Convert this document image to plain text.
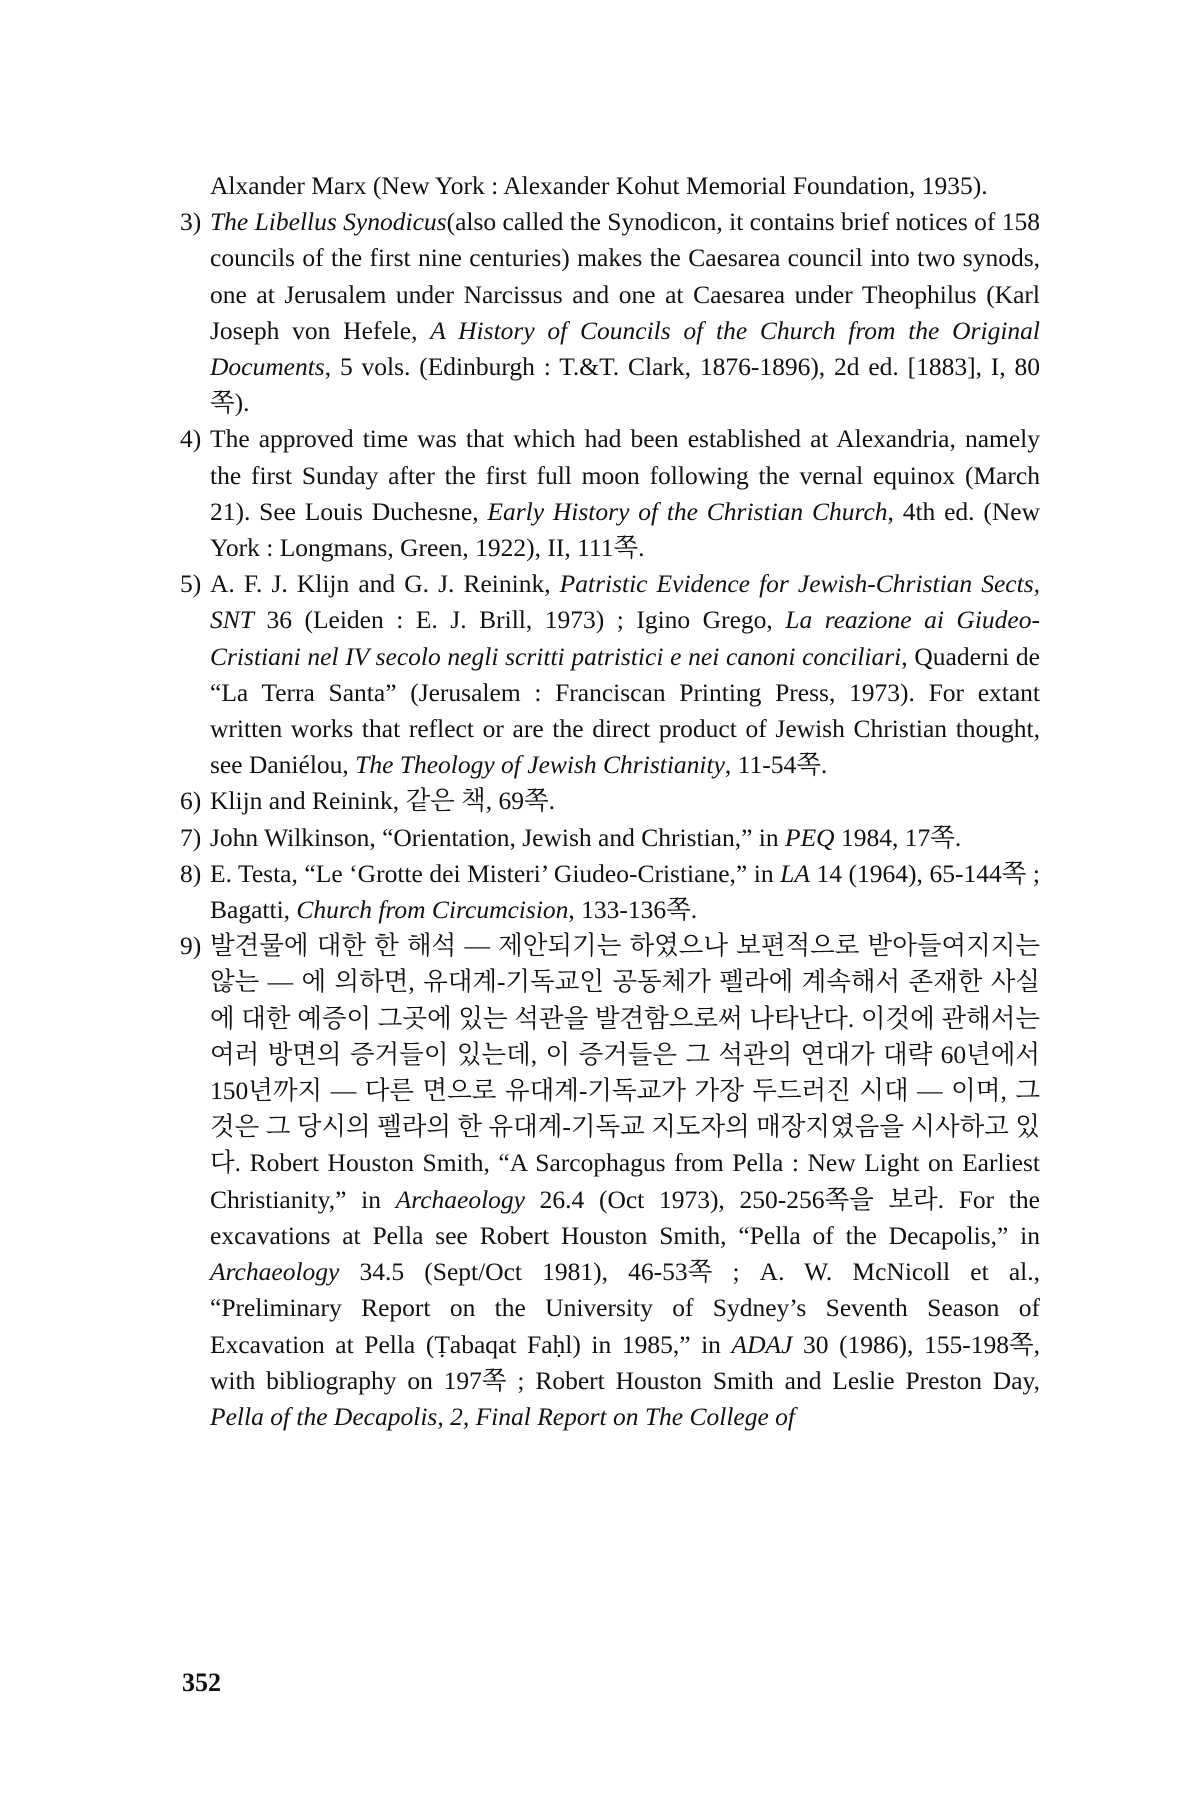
Alxander Marx (New York : Alexander Kohut Memorial Foundation, 1935).
3) The Libellus Synodicus(also called the Synodicon, it contains brief notices of 158 councils of the first nine centuries) makes the Caesarea council into two synods, one at Jerusalem under Narcissus and one at Caesarea under Theophilus (Karl Joseph von Hefele, A History of Councils of the Church from the Original Documents, 5 vols. (Edinburgh : T.&T. Clark, 1876-1896), 2d ed. [1883], I, 80쪽).
4) The approved time was that which had been established at Alexandria, namely the first Sunday after the first full moon following the vernal equinox (March 21). See Louis Duchesne, Early History of the Christian Church, 4th ed. (New York : Longmans, Green, 1922), II, 111쪽.
5) A. F. J. Klijn and G. J. Reinink, Patristic Evidence for Jewish-Christian Sects, SNT 36 (Leiden : E. J. Brill, 1973) ; Igino Grego, La reazione ai Giudeo-Cristiani nel IV secolo negli scritti patristici e nei canoni conciliari, Quaderni de “La Terra Santa” (Jerusalem : Franciscan Printing Press, 1973). For extant written works that reflect or are the direct product of Jewish Christian thought, see Daniélou, The Theology of Jewish Christianity, 11-54쪽.
6) Klijn and Reinink, 같은 책, 69쪽.
7) John Wilkinson, “Orientation, Jewish and Christian,” in PEQ 1984, 17쪽.
8) E. Testa, “Le ‘Grotte dei Misteri’ Giudeo-Cristiane,” in LA 14 (1964), 65-144쪽 ; Bagatti, Church from Circumcision, 133-136쪽.
9) 발견물에 대한 한 해석 ― 제안되기는 하였으나 보편적으로 받아들여지지는 않는 ― 에 의하면, 유대계-기독교인 공동체가 펠라에 계속해서 존재한 사실에 대한 예증이 그곳에 있는 석관을 발견함으로써 나타난다. 이것에 관해서는 여러 방면의 증거들이 있는데, 이 증거들은 그 석관의 연대가 대략 60년에서 150년까지 ― 다른 면으로 유대계-기독교가 가장 두드러진 시대 ― 이며, 그것은 그 당시의 펠라의 한 유대계-기독교 지도자의 매장지였음을 시사하고 있다. Robert Houston Smith, “A Sarcophagus from Pella : New Light on Earliest Christianity,” in Archaeology 26.4 (Oct 1973), 250-256쪽을 보라. For the excavations at Pella see Robert Houston Smith, “Pella of the Decapolis,” in Archaeology 34.5 (Sept/Oct 1981), 46-53쪽 ; A. W. McNicoll et al., “Preliminary Report on the University of Sydney’s Seventh Season of Excavation at Pella (Ṭabaqat Faḥl) in 1985,” in ADAJ 30 (1986), 155-198쪽, with bibliography on 197쪽 ; Robert Houston Smith and Leslie Preston Day, Pella of the Decapolis, 2, Final Report on The College of
352
